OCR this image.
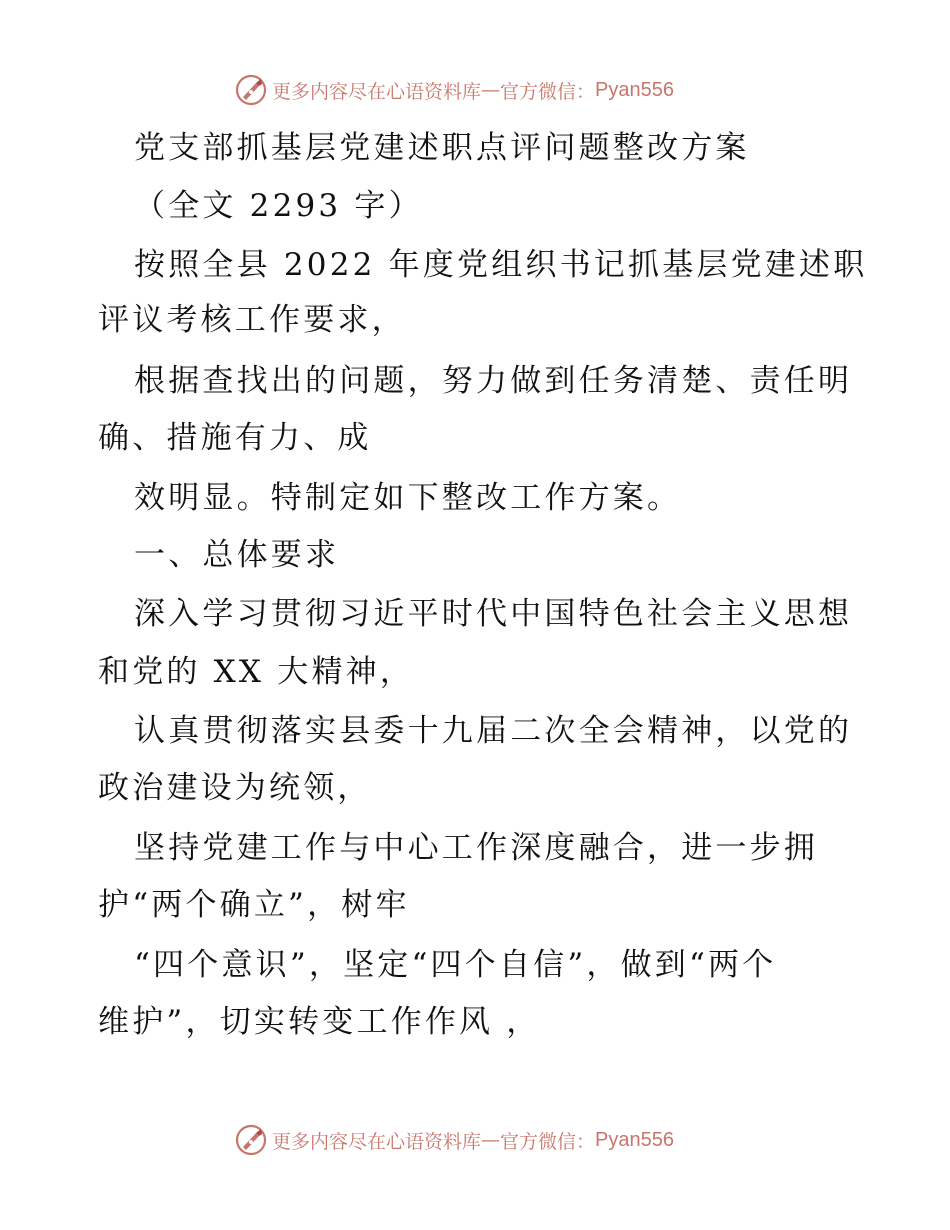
更多内容尽在心语资料库 — 官方微信： Pyan556
党支部抓基层党建述职点评问题整改方案
（全文 2293 字）
按照全县 2022 年度党组织书记抓基层党建述职
评议考核工作要求，
根据查找出的问题，努力做到任务清楚、责任明
确、措施有力、成
效明显。特制定如下整改工作方案。
一、总体要求
深入学习贯彻习近平时代中国特色社会主义思想
和党的 XX 大精神，
认真贯彻落实县委十九届二次全会精神，以党的
政治建设为统领，
坚持党建工作与中心工作深度融合，进一步拥
护“两个确立”，树牢
“四个意识”，坚定“四个自信”，做到“两个
维护”，切实转变工作作风 ，
更多内容尽在心语资料库 — 官方微信： Pyan556
